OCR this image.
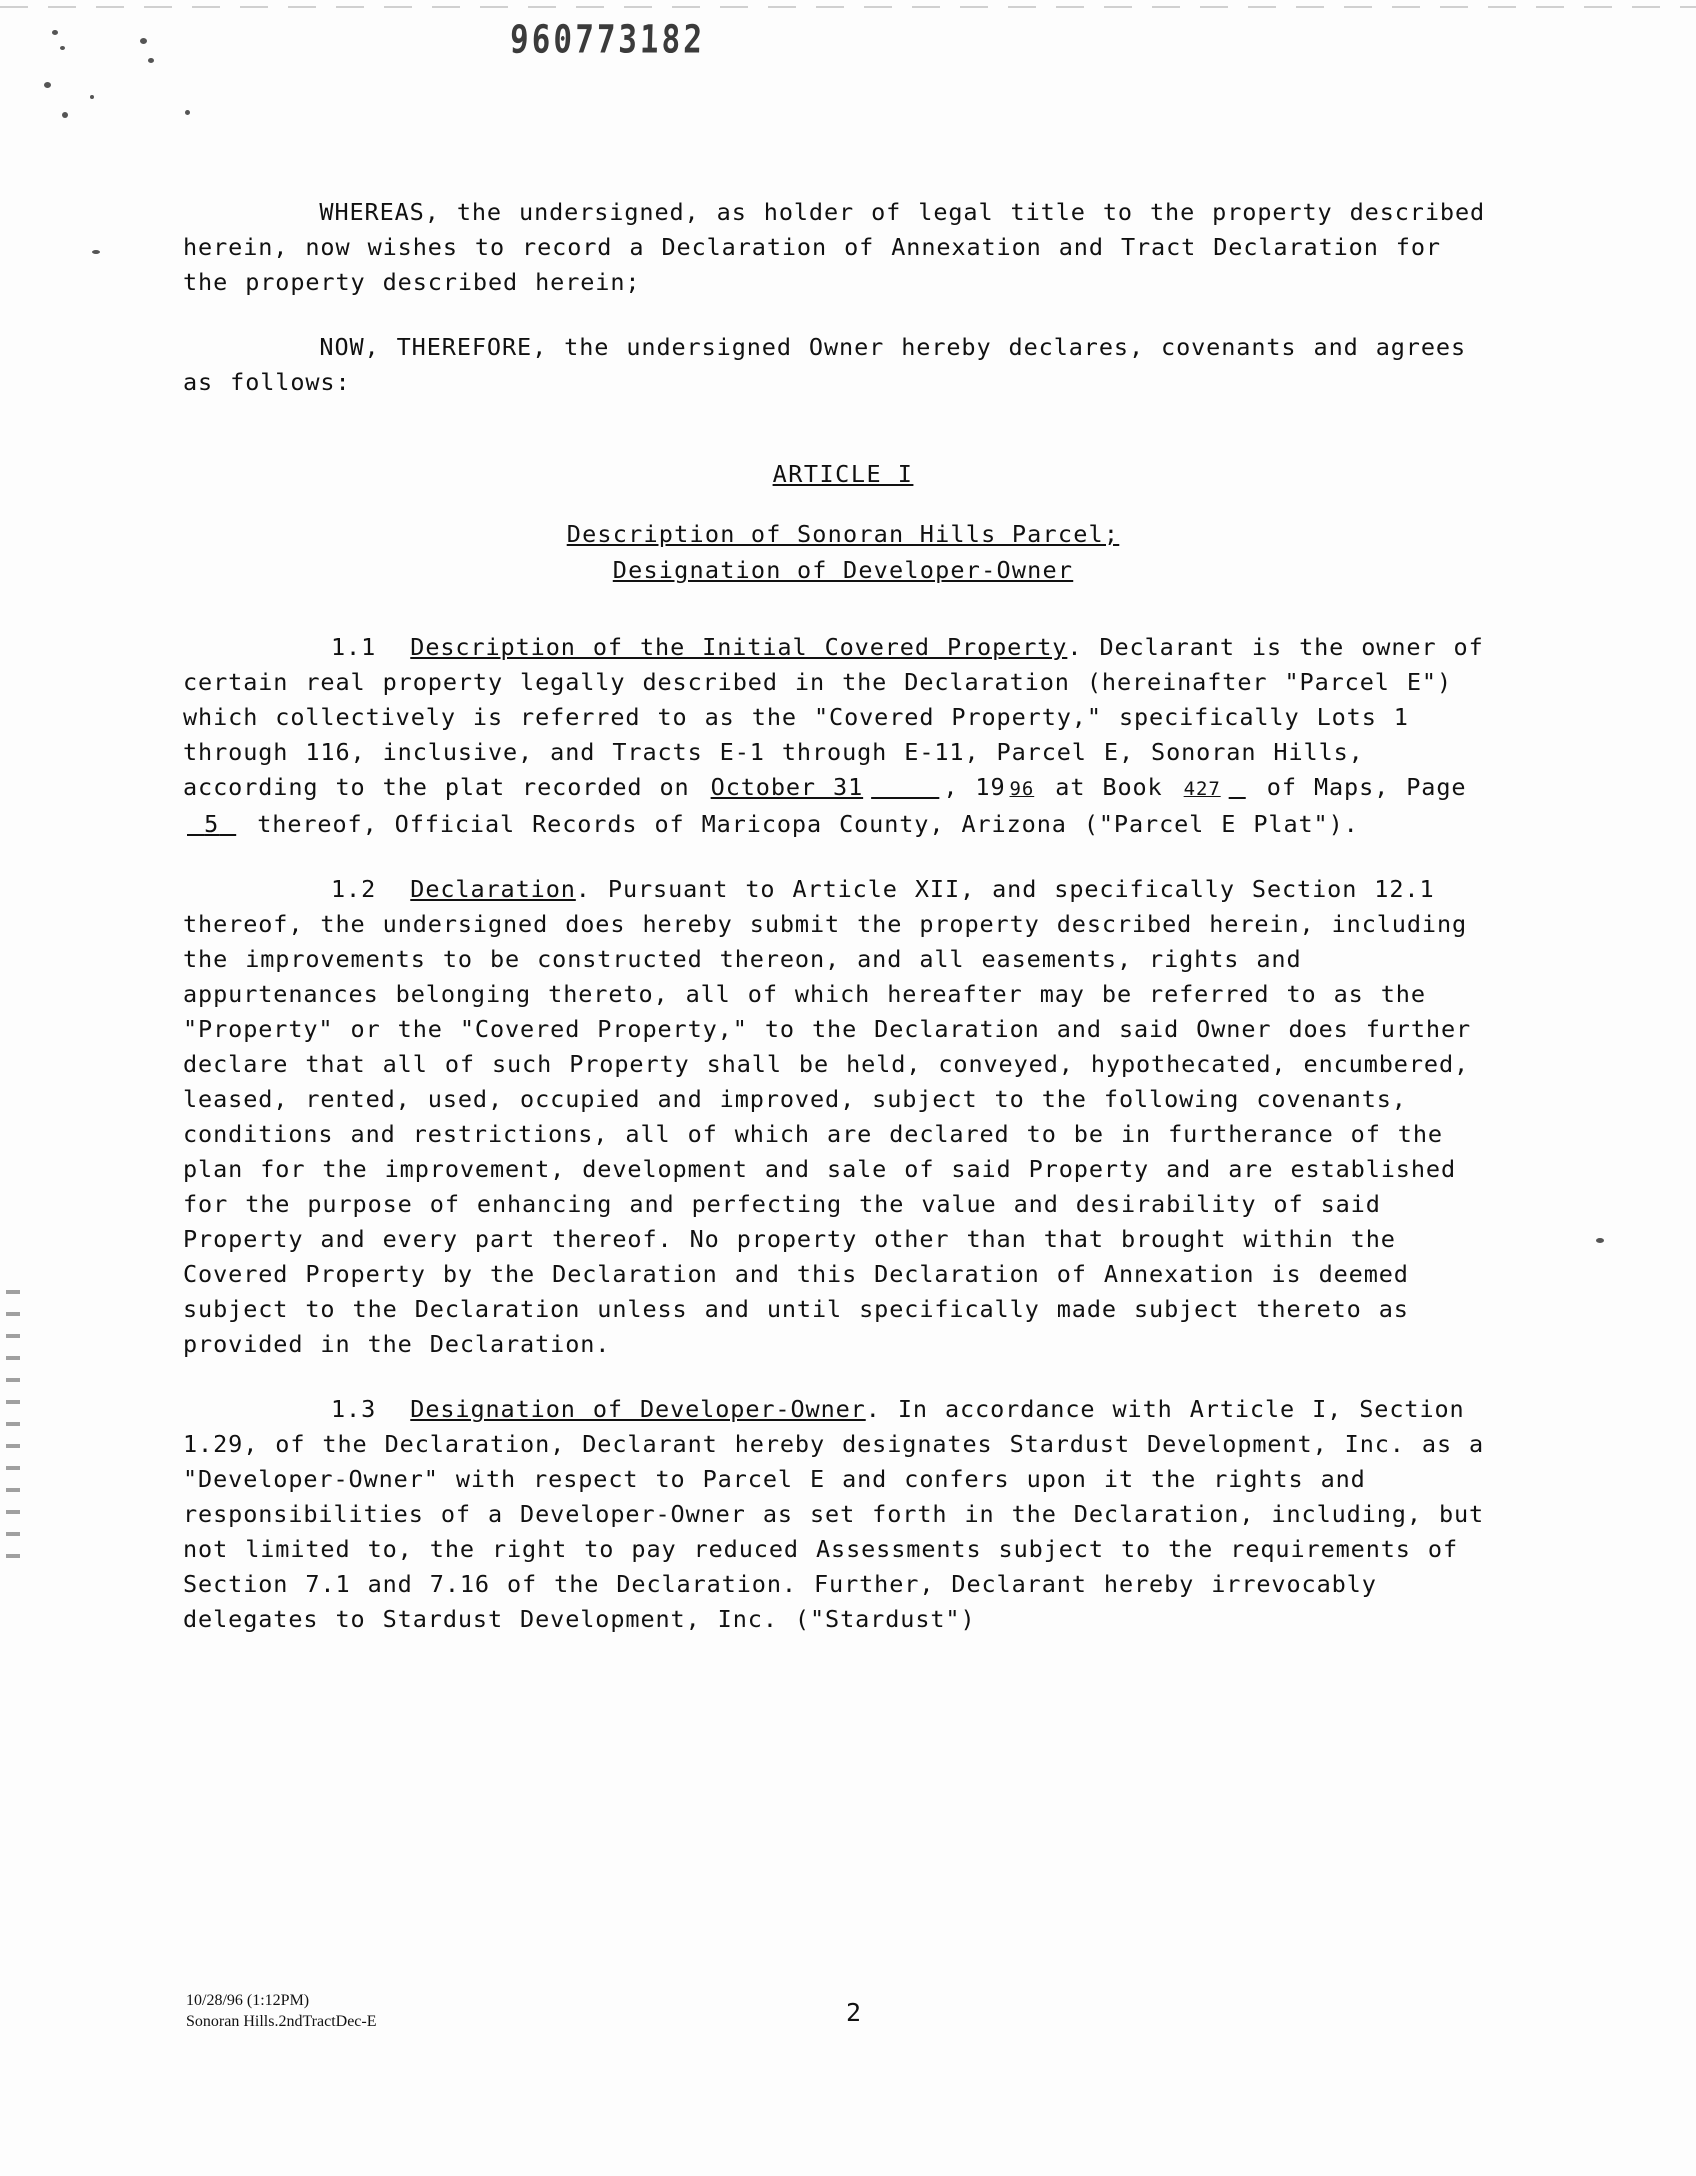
960773182

WHEREAS, the undersigned, as holder of legal title to the property described herein, now wishes to record a Declaration of Annexation and Tract Declaration for the property described herein;

NOW, THEREFORE, the undersigned Owner hereby declares, covenants and agrees as follows:

ARTICLE I
Description of Sonoran Hills Parcel;
Designation of Developer-Owner

1.1 Description of the Initial Covered Property. Declarant is the owner of certain real property legally described in the Declaration (hereinafter "Parcel E") which collectively is referred to as the "Covered Property," specifically Lots 1 through 116, inclusive, and Tracts E-1 through E-11, Parcel E, Sonoran Hills, according to the plat recorded on October 31	, 19 96 at Book 427  of Maps, Page  5  thereof, Official Records of Maricopa County, Arizona ("Parcel E Plat").

1.2 Declaration. Pursuant to Article XII, and specifically Section 12.1 thereof, the undersigned does hereby submit the property described herein, including the improvements to be constructed thereon, and all easements, rights and appurtenances belonging thereto, all of which hereafter may be referred to as the "Property" or the "Covered Property," to the Declaration and said Owner does further declare that all of such Property shall be held, conveyed, hypothecated, encumbered, leased, rented, used, occupied and improved, subject to the following covenants, conditions and restrictions, all of which are declared to be in furtherance of the plan for the improvement, development and sale of said Property and are established for the purpose of enhancing and perfecting the value and desirability of said Property and every part thereof. No property other than that brought within the Covered Property by the Declaration and this Declaration of Annexation is deemed subject to the Declaration unless and until specifically made subject thereto as provided in the Declaration.

1.3 Designation of Developer-Owner. In accordance with Article I, Section 1.29, of the Declaration, Declarant hereby designates Stardust Development, Inc. as a "Developer-Owner" with respect to Parcel E and confers upon it the rights and responsibilities of a Developer-Owner as set forth in the Declaration, including, but not limited to, the right to pay reduced Assessments subject to the requirements of Section 7.1 and 7.16 of the Declaration. Further, Declarant hereby irrevocably delegates to Stardust Development, Inc. ("Stardust")

10/28/96 (1:12PM)
Sonoran Hills.2ndTractDec-E	2
